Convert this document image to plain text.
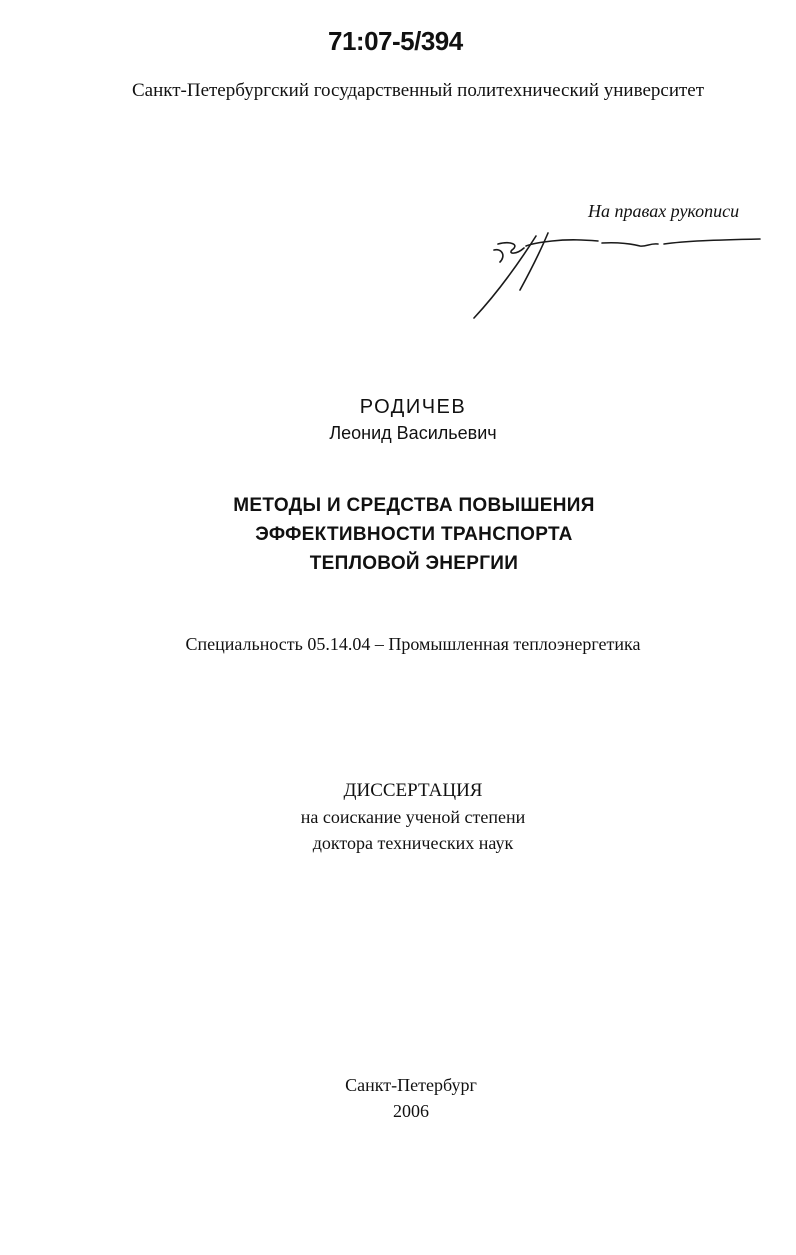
71:07-5/394
Санкт-Петербургский государственный политехнический университет
На правах рукописи
РОДИЧЕВ
Леонид Васильевич
МЕТОДЫ И СРЕДСТВА ПОВЫШЕНИЯ
ЭФФЕКТИВНОСТИ ТРАНСПОРТА
ТЕПЛОВОЙ ЭНЕРГИИ
Специальность 05.14.04 – Промышленная теплоэнергетика
ДИССЕРТАЦИЯ
на соискание ученой степени
доктора технических наук
Санкт-Петербург
2006
